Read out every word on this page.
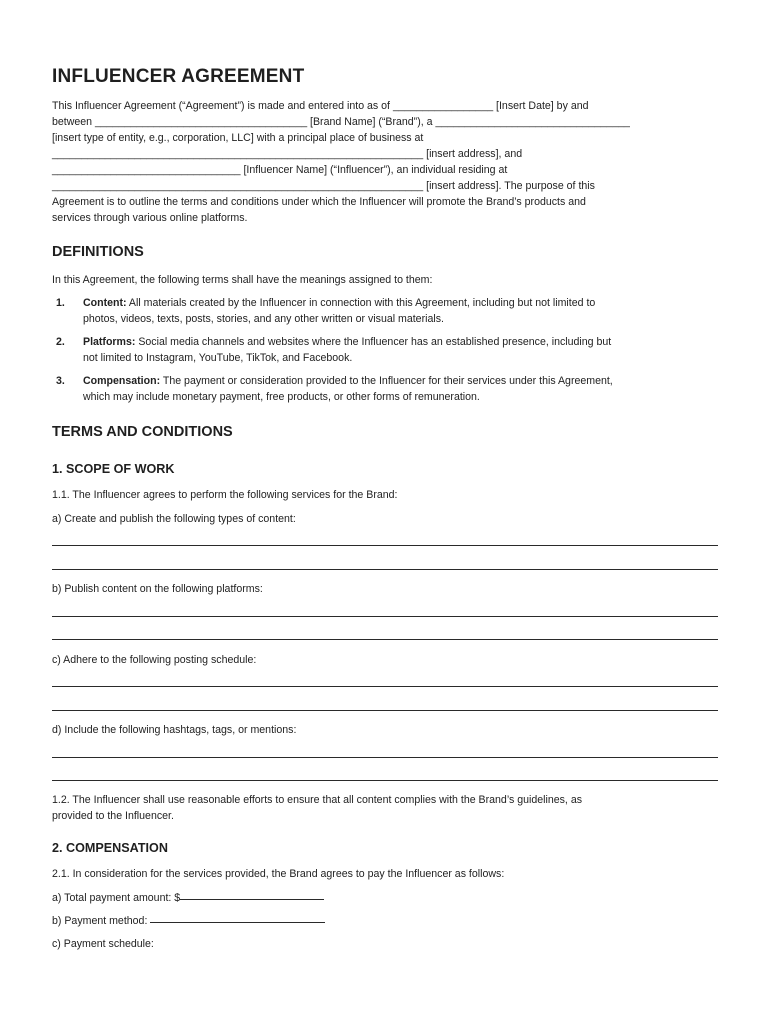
INFLUENCER AGREEMENT
This Influencer Agreement (“Agreement”) is made and entered into as of _________________ [Insert Date] by and
between ____________________________________ [Brand Name] (“Brand”), a _________________________________
[insert type of entity, e.g., corporation, LLC] with a principal place of business at
_______________________________________________________________ [insert address], and
________________________________ [Influencer Name] (“Influencer”), an individual residing at
_______________________________________________________________ [insert address]. The purpose of this
Agreement is to outline the terms and conditions under which the Influencer will promote the Brand’s products and
services through various online platforms.
DEFINITIONS
In this Agreement, the following terms shall have the meanings assigned to them:
1. Content: All materials created by the Influencer in connection with this Agreement, including but not limited to
photos, videos, texts, posts, stories, and any other written or visual materials.
2. Platforms: Social media channels and websites where the Influencer has an established presence, including but
not limited to Instagram, YouTube, TikTok, and Facebook.
3. Compensation: The payment or consideration provided to the Influencer for their services under this Agreement,
which may include monetary payment, free products, or other forms of remuneration.
TERMS AND CONDITIONS
1. SCOPE OF WORK
1.1. The Influencer agrees to perform the following services for the Brand:
a) Create and publish the following types of content:
b) Publish content on the following platforms:
c) Adhere to the following posting schedule:
d) Include the following hashtags, tags, or mentions:
1.2. The Influencer shall use reasonable efforts to ensure that all content complies with the Brand’s guidelines, as
provided to the Influencer.
2. COMPENSATION
2.1. In consideration for the services provided, the Brand agrees to pay the Influencer as follows:
a) Total payment amount: $
b) Payment method:
c) Payment schedule:
